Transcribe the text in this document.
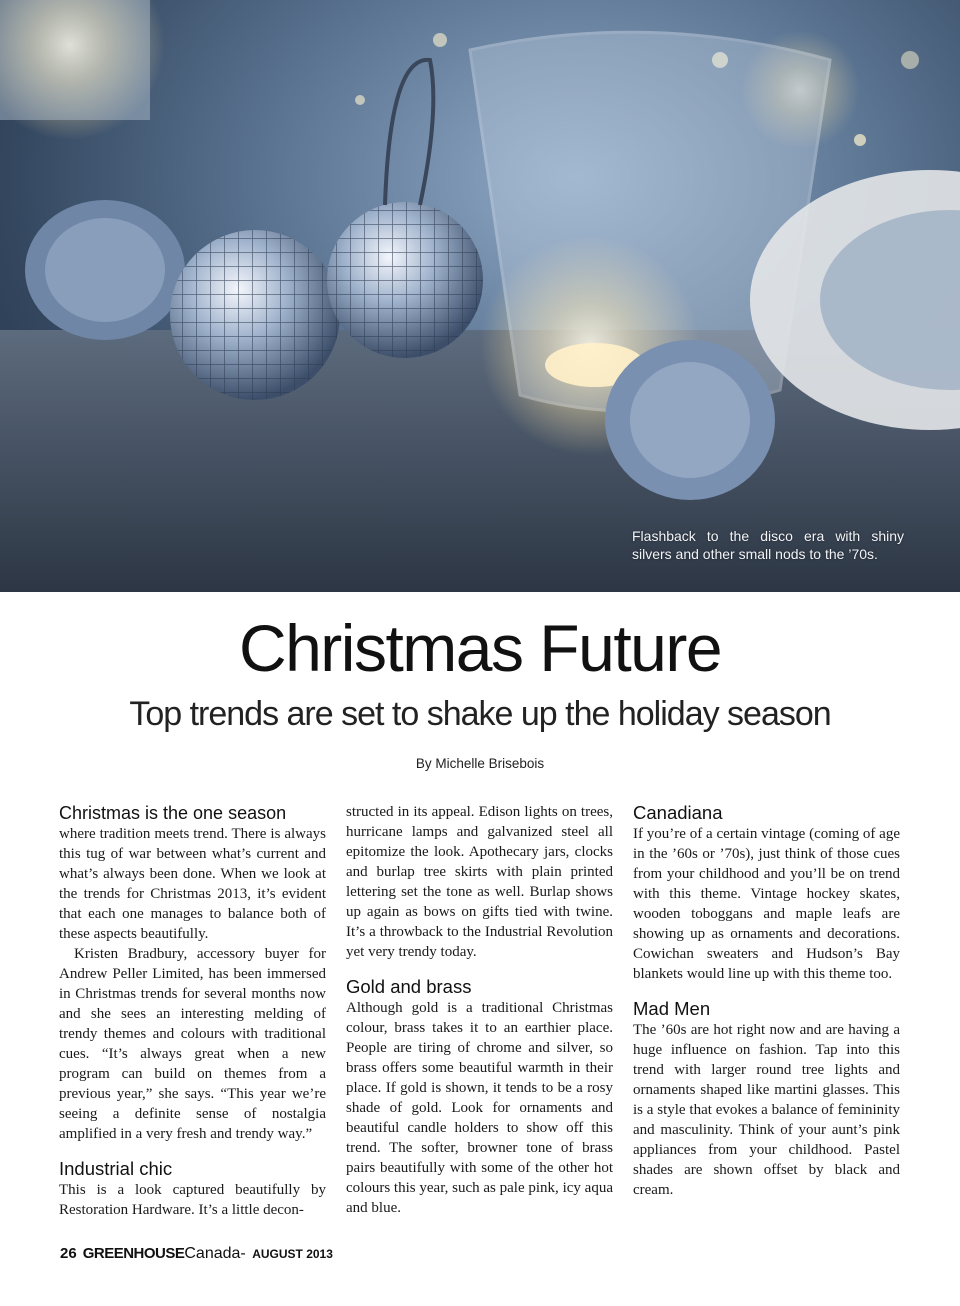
Flashback to the disco era with shiny silvers and other small nods to the ’70s.
Christmas Future
Top trends are set to shake up the holiday season
By Michelle Brisebois
Christmas is the one season

where tradition meets trend. There is always this tug of war between what’s current and what’s always been done. When we look at the trends for Christmas 2013, it’s evident that each one manages to balance both of these aspects beautifully.

Kristen Bradbury, accessory buyer for Andrew Peller Limited, has been immersed in Christmas trends for several months now and she sees an interesting melding of trendy themes and colours with traditional cues. “It’s always great when a new program can build on themes from a previous year,” she says. “This year we’re seeing a definite sense of nostalgia amplified in a very fresh and trendy way.”

Industrial chic

This is a look captured beautifully by Restoration Hardware. It’s a little decon-

structed in its appeal. Edison lights on trees, hurricane lamps and galvanized steel all epitomize the look. Apothecary jars, clocks and burlap tree skirts with plain printed lettering set the tone as well. Burlap shows up again as bows on gifts tied with twine. It’s a throwback to the Industrial Revolution yet very trendy today.

Gold and brass

Although gold is a traditional Christmas colour, brass takes it to an earthier place. People are tiring of chrome and silver, so brass offers some beautiful warmth in their place. If gold is shown, it tends to be a rosy shade of gold. Look for ornaments and beautiful candle holders to show off this trend. The softer, browner tone of brass pairs beautifully with some of the other hot colours this year, such as pale pink, icy aqua and blue.

Canadiana

If you’re of a certain vintage (coming of age in the ’60s or ’70s), just think of those cues from your childhood and you’ll be on trend with this theme. Vintage hockey skates, wooden toboggans and maple leafs are showing up as ornaments and decorations. Cowichan sweaters and Hudson’s Bay blankets would line up with this theme too.

Mad Men

The ’60s are hot right now and are having a huge influence on fashion. Tap into this trend with larger round tree lights and ornaments shaped like martini glasses. This is a style that evokes a balance of femininity and masculinity. Think of your aunt’s pink appliances from your childhood. Pastel shades are shown offset by black and cream.

26 GREENHOUSECanada- AUGUST 2013
